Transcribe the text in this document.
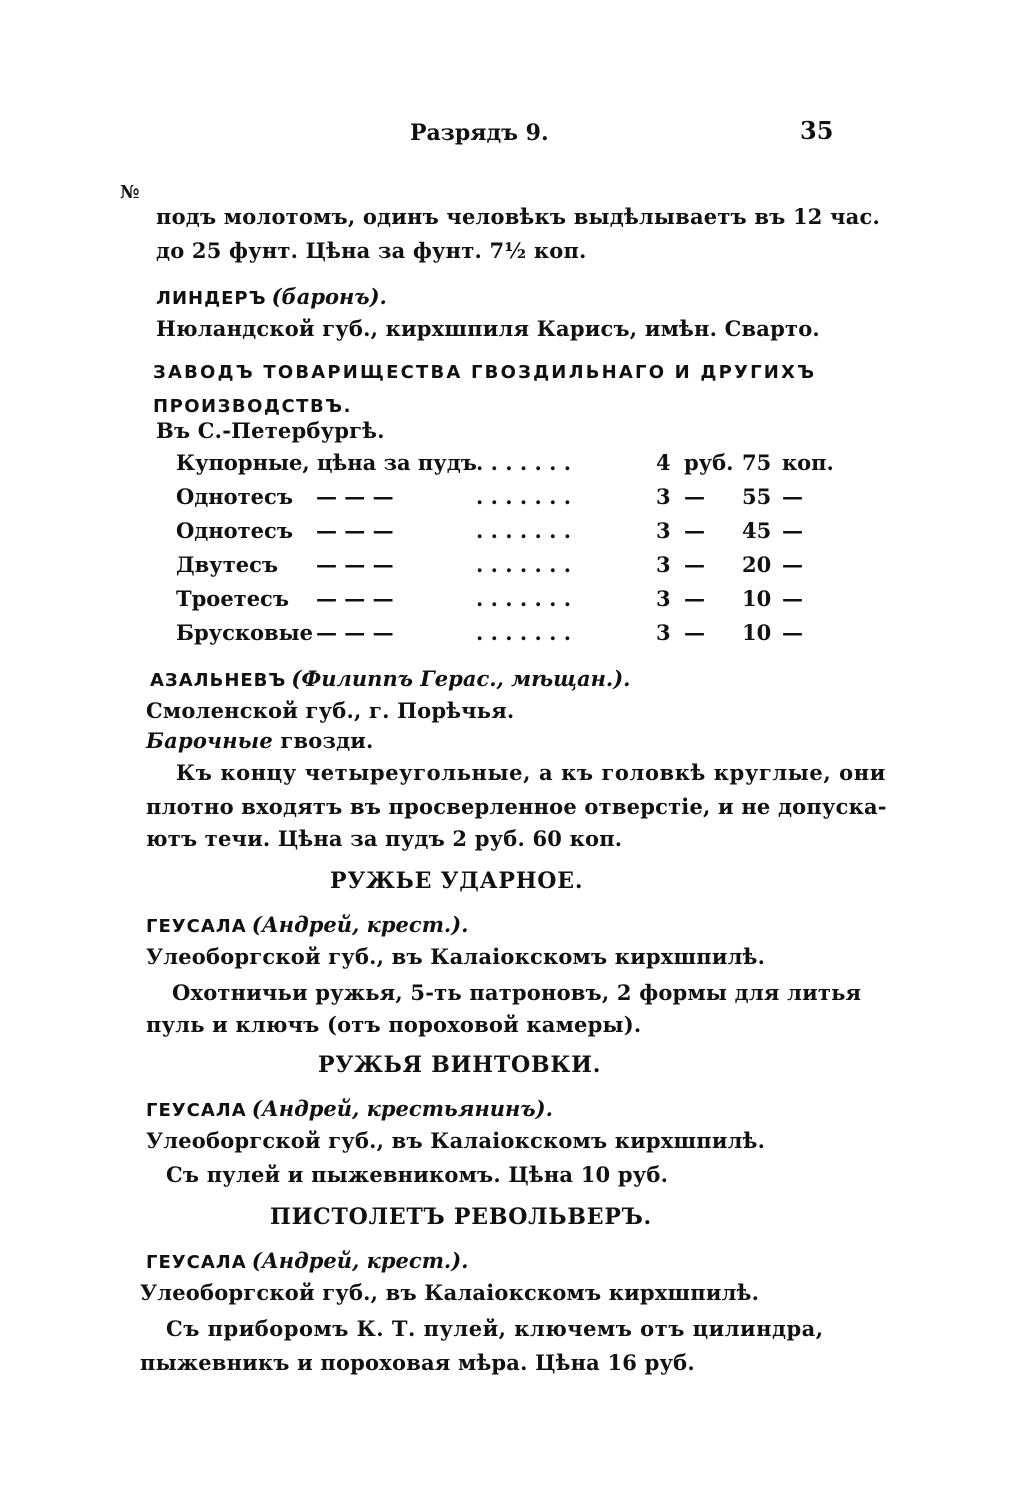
Разрядъ 9.	35
№
подъ молотомъ, одинъ человѣкъ выдѣлываетъ въ 12 час.
до 25 фунт. Цѣна за фунт. 7½ коп.
ЛИНДЕРЪ (баронъ).
Нюландской губ., кирхшпиля Карисъ, имѣн. Сварто.
ЗАВОДЪ ТОВАРИЩЕСТВА ГВОЗДИЛЬНАГО И ДРУГИХЪ
ПРОИЗВОДСТВЪ.
Въ С.-Петербургѣ.
Купорные, цѣна за пудъ . . . . . . .	4 руб. 75 коп.
Однотесъ — — —	. . . . . . .	3 — 55 —
Однотесъ — — —	. . . . . . .	3 — 45 —
Двутесъ — — —	. . . . . . .	3 — 20 —
Троетесъ — — —	. . . . . . .	3 — 10 —
Брусковые — — —	. . . . . . .	3 — 10 —
АЗАЛЬНЕВЪ (Филиппъ Герас., мѣщан.).
Смоленской губ., г. Порѣчья.
Барочные гвозди.
Къ концу четыреугольные, а къ головкѣ круглые, они
плотно входятъ въ просверленное отверстіе, и не допуска-
ютъ течи. Цѣна за пудъ 2 руб. 60 коп.
РУЖЬЕ УДАРНОЕ.
ГЕУСАЛА (Андрей, крест.).
Улеоборгской губ., въ Калаіокскомъ кирхшпилѣ.
Охотничьи ружья, 5-ть патроновъ, 2 формы для литья
пуль и ключъ (отъ пороховой камеры).
РУЖЬЯ ВИНТОВКИ.
ГЕУСАЛА (Андрей, крестьянинъ).
Улеоборгской губ., въ Калаіокскомъ кирхшпилѣ.
Съ пулей и пыжевникомъ. Цѣна 10 руб.
ПИСТОЛЕТЪ РЕВОЛЬВЕРЪ.
ГЕУСАЛА (Андрей, крест.).
Улеоборгской губ., въ Калаіокскомъ кирхшпилѣ.
Съ приборомъ К. Т. пулей, ключемъ отъ цилиндра,
пыжевникъ и пороховая мѣра. Цѣна 16 руб.
